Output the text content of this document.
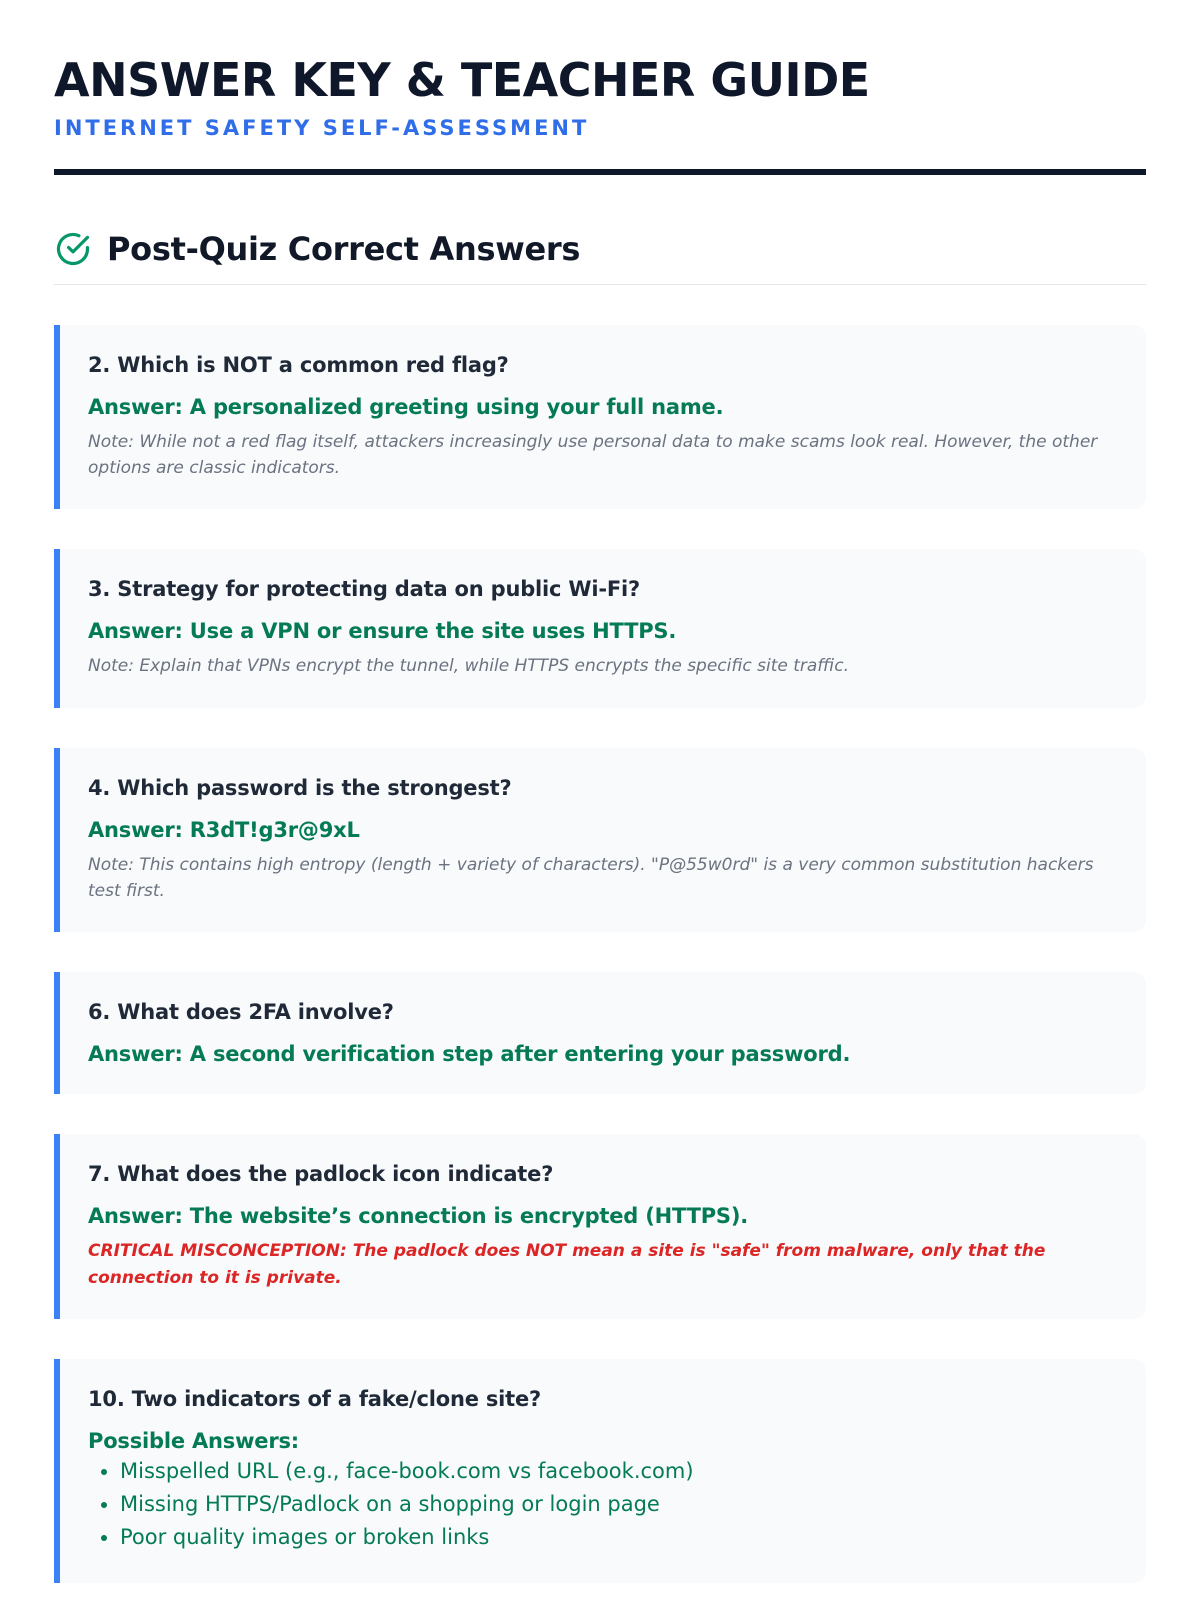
ANSWER KEY & TEACHER GUIDE
INTERNET SAFETY SELF-ASSESSMENT
Post-Quiz Correct Answers

2. Which is NOT a common red flag?

Answer: A personalized greeting using your full name.

Note: While not a red flag itself, attackers increasingly use personal data to make scams look real. However, the other options are classic indicators.

3. Strategy for protecting data on public Wi-Fi?

Answer: Use a VPN or ensure the site uses HTTPS.

Note: Explain that VPNs encrypt the tunnel, while HTTPS encrypts the specific site traffic.

4. Which password is the strongest?

Answer: R3dT!g3r@9xL

Note: This contains high entropy (length + variety of characters). "P@55w0rd" is a very common substitution hackers test first.

6. What does 2FA involve?

Answer: A second verification step after entering your password.

7. What does the padlock icon indicate?

Answer: The website’s connection is encrypted (HTTPS).

CRITICAL MISCONCEPTION: The padlock does NOT mean a site is "safe" from malware, only that the connection to it is private.

10. Two indicators of a fake/clone site?

Possible Answers:

• Misspelled URL (e.g., face-book.com vs facebook.com)
• Missing HTTPS/Padlock on a shopping or login page
• Poor quality images or broken links
